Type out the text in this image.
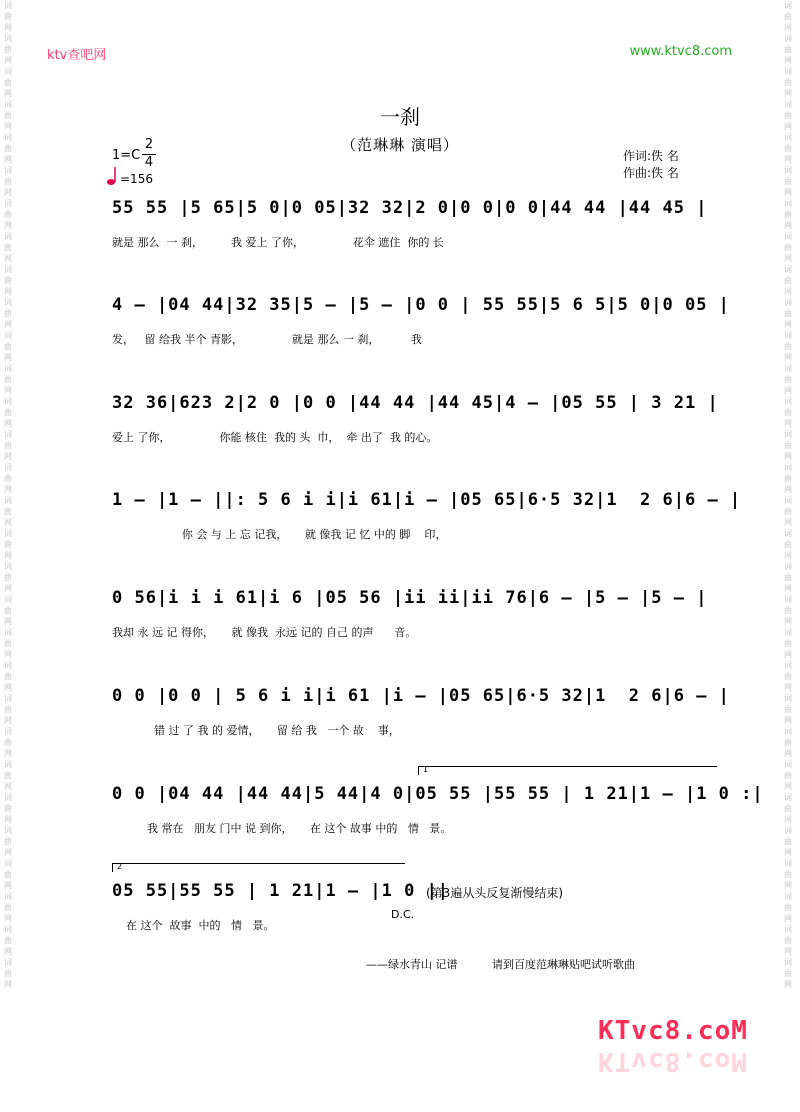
词曲网词曲网词曲网词曲网词曲网词曲网词曲网词曲网词曲网词曲网词曲网词曲网词曲网词曲网词曲网词曲网词曲网词曲网词曲网词曲网词曲网词曲网词曲网词曲网词曲网词曲网词曲网词曲网词曲网词曲网
词曲网词曲网词曲网词曲网词曲网词曲网词曲网词曲网词曲网词曲网词曲网词曲网词曲网词曲网词曲网词曲网词曲网词曲网词曲网词曲网词曲网词曲网词曲网词曲网词曲网词曲网词曲网词曲网词曲网词曲网
ktv查吧网	www.ktvc8.com
一刹
（范琳琳 演唱）
1=C
2
4
=156
作词:佚 名
作曲:佚 名
55 55 |5 65|5 0|0 05|32 32|2 0|0 0|0 0|44 44 |44 45 |
就是 那么  一 刹，        我 爱上 了你，              花伞 遮住  你的 长
4 — |04 44|32 35|5 — |5 — |0 0 | 55 55|5 6 5|5 0|0 05 |
发，   留 给我 半个 青影，              就是 那么 一 刹，         我
32 36|623 2|2 0 |0 0 |44 44 |44 45|4 — |05 55 | 3 21 |
爱上 了你，              你能 核住  我的 头  巾，  牵 出了  我 的心。
1 — |1 — ||: 5 6 i i|i 61|i — |05 65|6·5 32|1  2 6|6 — |
你 会 与 上 忘 记我，     就 像我 记 忆 中的 脚    印，
0 56|i i i 61|i 6 |05 56 |ii ii|ii 76|6 — |5 — |5 — |
我却 永 远 记 得你，     就 像我  永远 记的 自己 的声      音。
0 0 |0 0 | 5 6 i i|i 61 |i — |05 65|6·5 32|1  2 6|6 — |
错 过 了 我 的 爱情，     留 给 我   一个 故    事，
1
0 0 |04 44 |44 44|5 44|4 0|05 55 |55 55 | 1 21|1 — |1 0 :|
我 常在   朋友 门中 说 到你，     在 这个 故事 中的   情   景。
2
05 55|55 55 | 1 21|1 — |1 0 ||
在 这个  故事  中的   情   景。
D.C.
(第3遍从头反复渐慢结束)
——绿水青山 记谱	请到百度范琳琳贴吧试听歌曲
KTvc8.coM
KTvc8.coM
